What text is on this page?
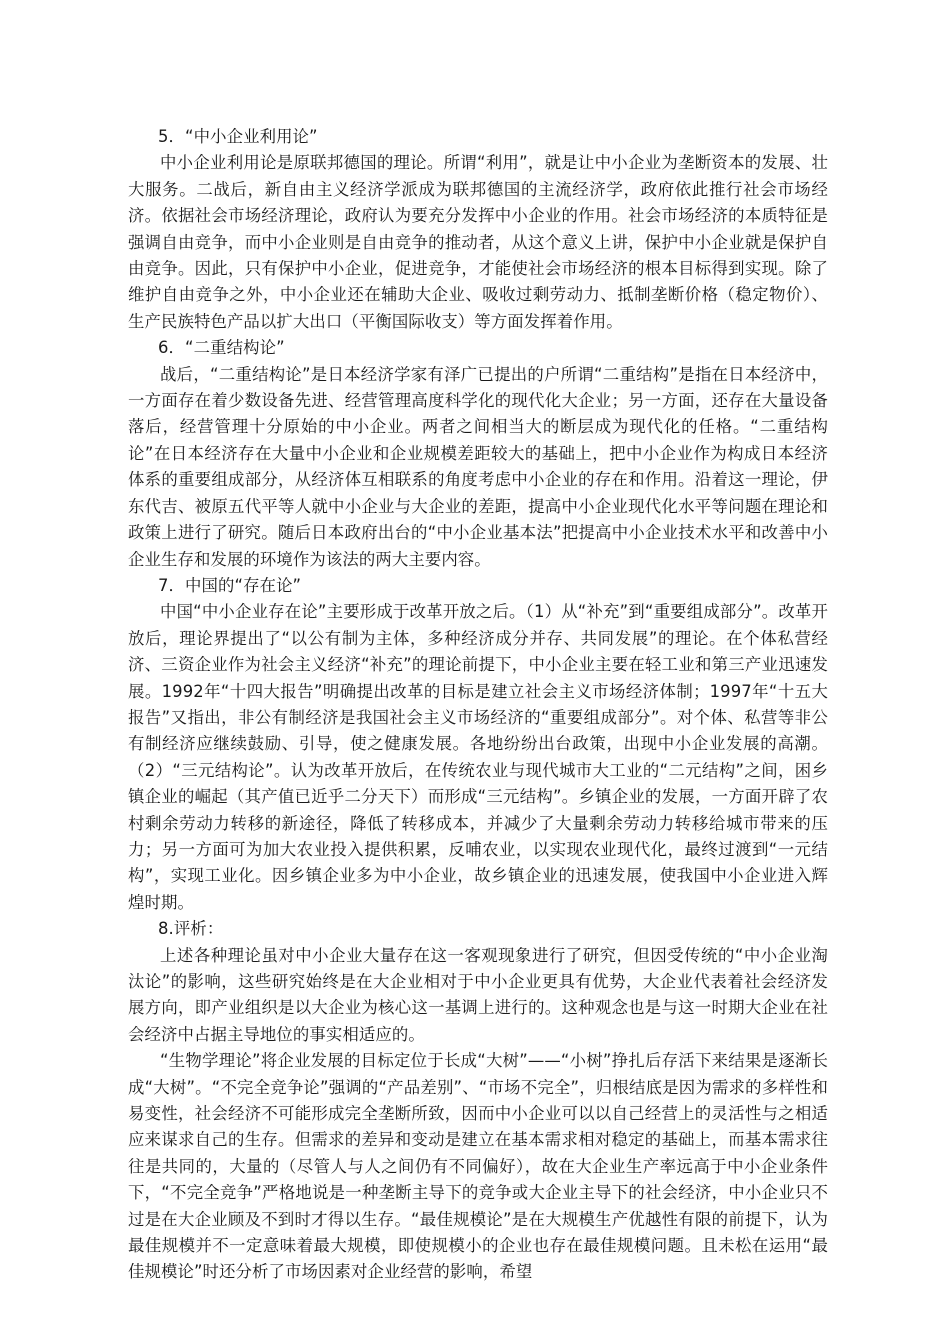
5．“中小企业利用论”

中小企业利用论是原联邦德国的理论。所谓“利用”，就是让中小企业为垄断资本的发展、壮大服务。二战后，新自由主义经济学派成为联邦德国的主流经济学，政府依此推行社会市场经济。依据社会市场经济理论，政府认为要充分发挥中小企业的作用。社会市场经济的本质特征是强调自由竞争，而中小企业则是自由竞争的推动者，从这个意义上讲，保护中小企业就是保护自由竞争。因此，只有保护中小企业，促进竞争，才能使社会市场经济的根本目标得到实现。除了维护自由竞争之外，中小企业还在辅助大企业、吸收过剩劳动力、抵制垄断价格（稳定物价）、生产民族特色产品以扩大出口（平衡国际收支）等方面发挥着作用。

6．“二重结构论”

战后，“二重结构论”是日本经济学家有泽广已提出的户所谓“二重结构”是指在日本经济中，一方面存在着少数设备先进、经营管理高度科学化的现代化大企业；另一方面，还存在大量设备落后，经营管理十分原始的中小企业。两者之间相当大的断层成为现代化的任格。“二重结构论”在日本经济存在大量中小企业和企业规模差距较大的基础上，把中小企业作为构成日本经济体系的重要组成部分，从经济体互相联系的角度考虑中小企业的存在和作用。沿着这一理论，伊东代吉、被原五代平等人就中小企业与大企业的差距，提高中小企业现代化水平等问题在理论和政策上进行了研究。随后日本政府出台的“中小企业基本法”把提高中小企业技术水平和改善中小企业生存和发展的环境作为该法的两大主要内容。

7．中国的“存在论”

中国“中小企业存在论”主要形成于改革开放之后。（1）从“补充”到“重要组成部分”。改革开放后，理论界提出了“以公有制为主体，多种经济成分并存、共同发展”的理论。在个体私营经济、三资企业作为社会主义经济“补充”的理论前提下，中小企业主要在轻工业和第三产业迅速发展。1992年“十四大报告”明确提出改革的目标是建立社会主义市场经济体制；1997年“十五大报告”又指出，非公有制经济是我国社会主义市场经济的“重要组成部分”。对个体、私营等非公有制经济应继续鼓励、引导，使之健康发展。各地纷纷出台政策，出现中小企业发展的高潮。（2）“三元结构论”。认为改革开放后，在传统农业与现代城市大工业的“二元结构”之间，困乡镇企业的崛起（其产值已近乎二分天下）而形成“三元结构”。乡镇企业的发展，一方面开辟了农村剩余劳动力转移的新途径，降低了转移成本，并减少了大量剩余劳动力转移给城市带来的压力；另一方面可为加大农业投入提供积累，反哺农业，以实现农业现代化，最终过渡到“一元结构”，实现工业化。因乡镇企业多为中小企业，故乡镇企业的迅速发展，使我国中小企业进入辉煌时期。

8.评析：

上述各种理论虽对中小企业大量存在这一客观现象进行了研究，但因受传统的“中小企业淘汰论”的影响，这些研究始终是在大企业相对于中小企业更具有优势，大企业代表着社会经济发展方向，即产业组织是以大企业为核心这一基调上进行的。这种观念也是与这一时期大企业在社会经济中占据主导地位的事实相适应的。

“生物学理论”将企业发展的目标定位于长成“大树”——“小树”挣扎后存活下来结果是逐渐长成“大树”。“不完全竞争论”强调的“产品差别”、“市场不完全”，归根结底是因为需求的多样性和易变性，社会经济不可能形成完全垄断所致，因而中小企业可以以自己经营上的灵活性与之相适应来谋求自己的生存。但需求的差异和变动是建立在基本需求相对稳定的基础上，而基本需求往往是共同的，大量的（尽管人与人之间仍有不同偏好），故在大企业生产率远高于中小企业条件下，“不完全竞争”严格地说是一种垄断主导下的竞争或大企业主导下的社会经济，中小企业只不过是在大企业顾及不到时才得以生存。“最佳规模论”是在大规模生产优越性有限的前提下，认为最佳规模并不一定意味着最大规模，即使规模小的企业也存在最佳规模问题。且未松在运用“最佳规模论”时还分析了市场因素对企业经营的影响，希望
